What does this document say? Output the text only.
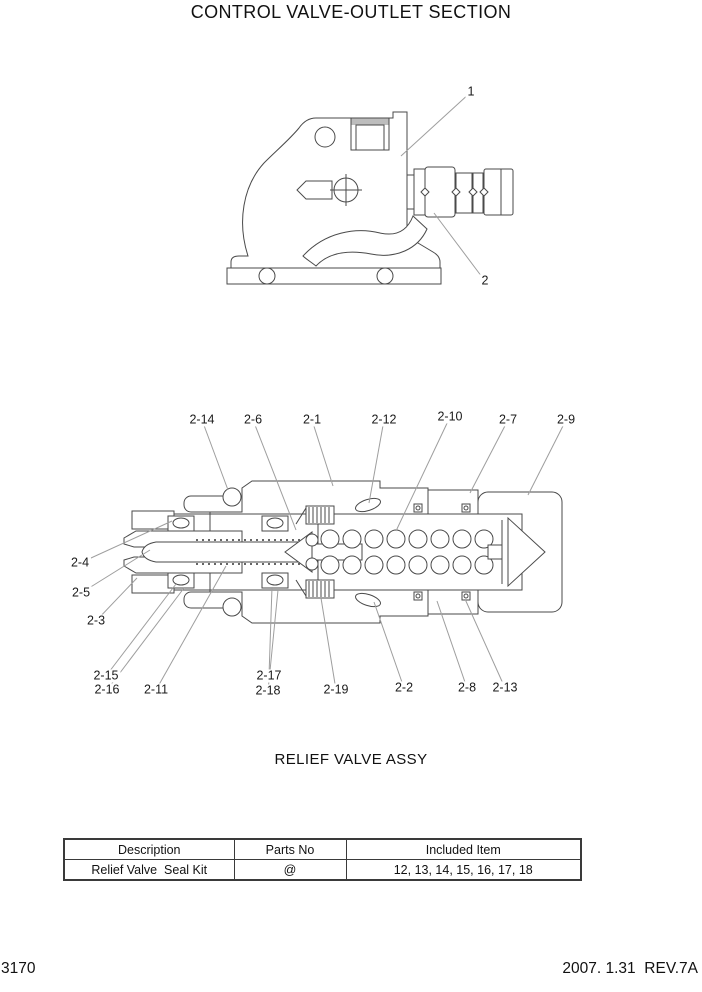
CONTROL VALVE-OUTLET SECTION
1
2
2-14 2-6	2-1	2-12	2-10	2-7	2-9
2-4
2-5
2-3
2-15
2-16 2-11
2-17
2-18	2-19	2-2	2-8 2-13
RELIEF VALVE ASSY
Description	Parts No	Included Item
Relief Valve  Seal Kit	@	12, 13, 14, 15, 16, 17, 18
3170	2007. 1.31  REV.7A
